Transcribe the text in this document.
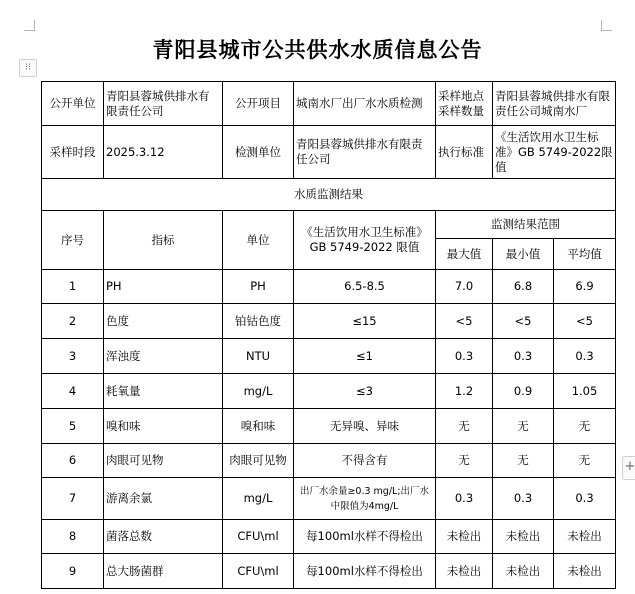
⁝⁝
+
青阳县城市公共供水水质信息公告
公开单位	青阳县蓉城供排水有限责任公司	公开项目	城南水厂出厂水水质检测	采样地点采样数量	青阳县蓉城供排水有限责任公司城南水厂	
采样时段	2025.3.12	检测单位	青阳县蓉城供排水有限责任公司	执行标准	《生活饮用水卫生标准》GB 5749-2022限值	
水质监测结果						
序号	指标	单位	《生活饮用水卫生标准》GB 5749-2022 限值	监测结果范围		
				最大值	最小值	平均值
1	PH	PH	6.5-8.5	7.0	6.8	6.9
2	色度	铂钴色度	≤15	<5	<5	<5
3	浑浊度	NTU	≤1	0.3	0.3	0.3
4	耗氧量	mg/L	≤3	1.2	0.9	1.05
5	嗅和味	嗅和味	无异嗅、异味	无	无	无
6	肉眼可见物	肉眼可见物	不得含有	无	无	无
7	游离余氯	mg/L	出厂水余量≥0.3 mg/L;出厂水中限值为4mg/L	0.3	0.3	0.3
8	菌落总数	CFU\ml	每100ml水样不得检出	未检出	未检出	未检出
9	总大肠菌群	CFU\ml	每100ml水样不得检出	未检出	未检出	未检出
